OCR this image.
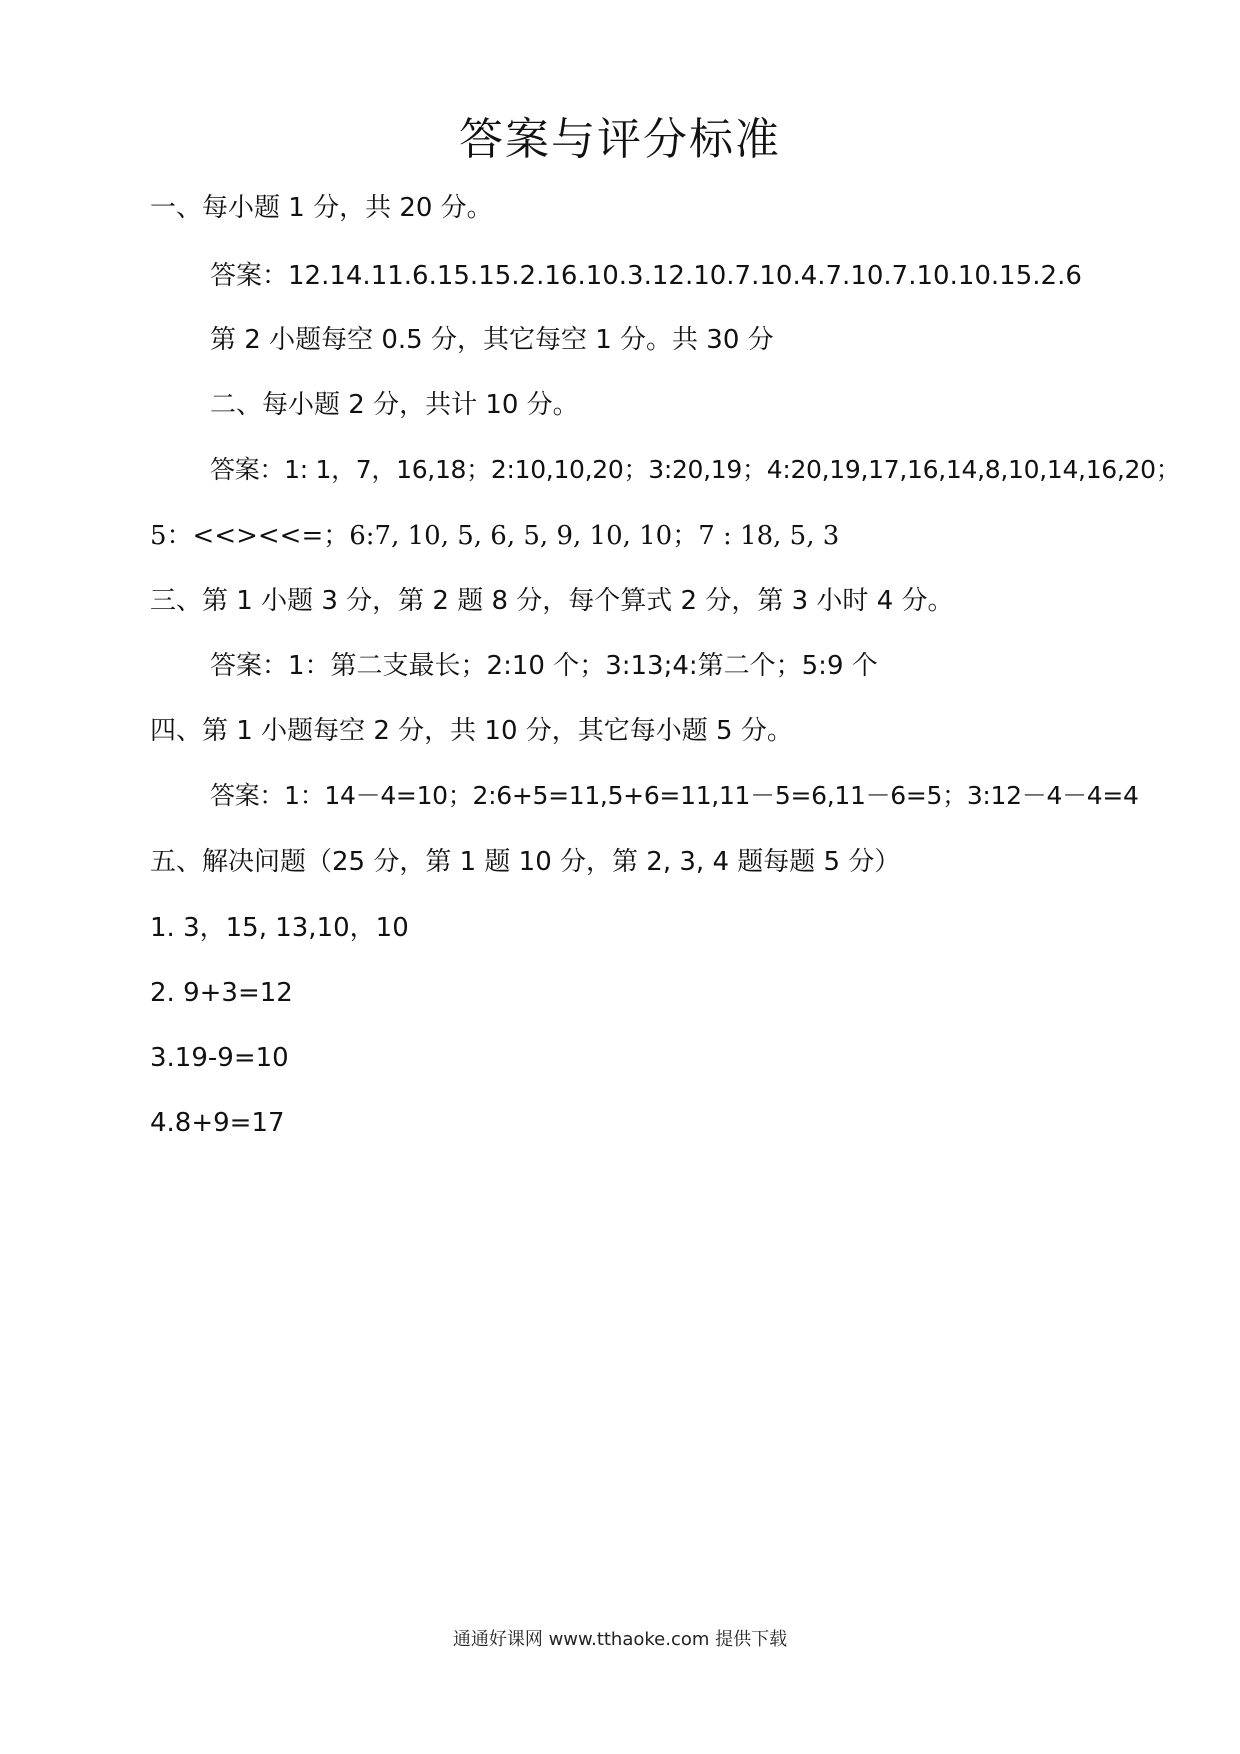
答案与评分标准
一、每小题 1 分，共 20 分。
答案：12.14.11.6.15.15.2.16.10.3.12.10.7.10.4.7.10.7.10.10.15.2.6
第 2 小题每空 0.5 分，其它每空 1 分。共 30 分
二、每小题 2 分，共计 10 分。
答案：1: 1，7，16,18；2:10,10,20；3:20,19；4:20,19,17,16,14,8,10,14,16,20；
5：<<><<=；6:7, 10, 5, 6, 5, 9, 10, 10；7 : 18, 5, 3
三、第 1 小题 3 分，第 2 题 8 分，每个算式 2 分，第 3 小时 4 分。
答案：1：第二支最长；2:10 个；3:13;4:第二个；5:9 个
四、第 1 小题每空 2 分，共 10 分，其它每小题 5 分。
答案：1：14－4=10；2:6+5=11,5+6=11,11－5=6,11－6=5；3:12－4－4=4
五、解决问题（25 分，第 1 题 10 分，第 2, 3, 4 题每题 5 分）
1. 3，15, 13,10，10
2. 9+3=12
3.19-9=10
4.8+9=17
通通好课网 www.tthaoke.com 提供下载
